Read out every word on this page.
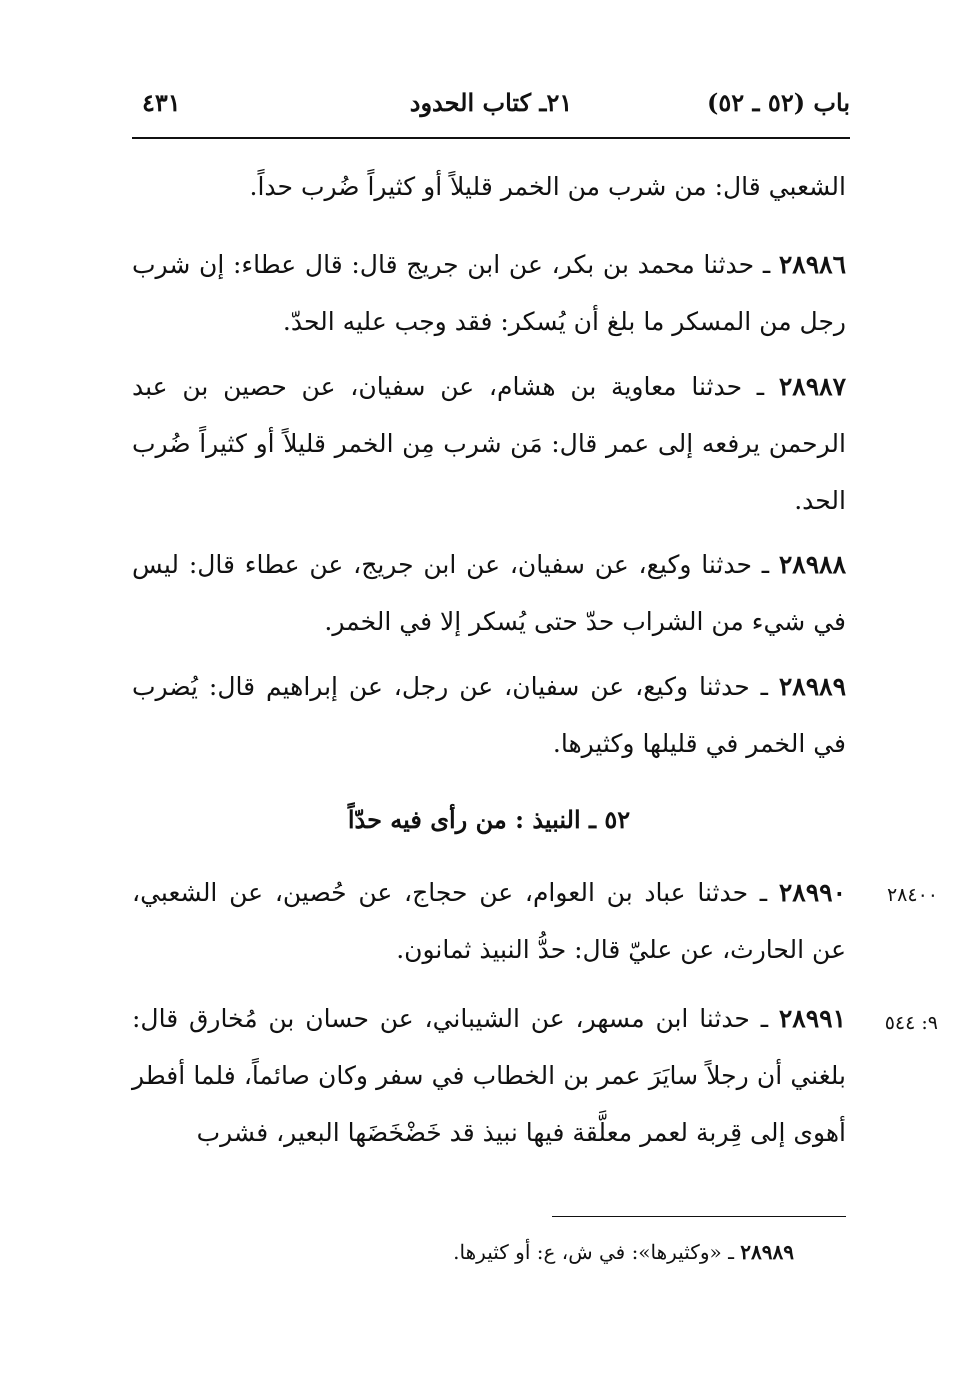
باب (٥٢ ـ ٥٢)
٢١ـ كتاب الحدود
٤٣١
الشعبي قال: من شرب من الخمر قليلاً أو كثيراً ضُرب حداً.
٢٨٩٨٦ ـ حدثنا محمد بن بكر، عن ابن جريج قال: قال عطاء: إن شرب رجل من المسكر ما بلغ أن يُسكر: فقد وجب عليه الحدّ.
٢٨٩٨٧ ـ حدثنا معاوية بن هشام، عن سفيان، عن حصين بن عبد الرحمن يرفعه إلى عمر قال: مَن شرب مِن الخمر قليلاً أو كثيراً ضُرب الحد.
٢٨٩٨٨ ـ حدثنا وكيع، عن سفيان، عن ابن جريج، عن عطاء قال: ليس في شيء من الشراب حدّ حتى يُسكر إلا في الخمر.
٢٨٩٨٩ ـ حدثنا وكيع، عن سفيان، عن رجل، عن إبراهيم قال: يُضرب في الخمر في قليلها وكثيرها.
٥٢ ـ النبيذ : من رأى فيه حدّاً
٢٨٤٠٠
٢٨٩٩٠ ـ حدثنا عباد بن العوام، عن حجاج، عن حُصين، عن الشعبي، عن الحارث، عن عليّ قال: حدُّ النبيذ ثمانون.
٩: ٥٤٤
٢٨٩٩١ ـ حدثنا ابن مسهر، عن الشيباني، عن حسان بن مُخارق قال: بلغني أن رجلاً سايَرَ عمر بن الخطاب في سفر وكان صائماً، فلما أفطر أهوى إلى قِربة لعمر معلَّقة فيها نبيذ قد خَضْخَضَها البعير، فشرب
٢٨٩٨٩ ـ «وكثيرها»: في ش، ع: أو كثيرها.
